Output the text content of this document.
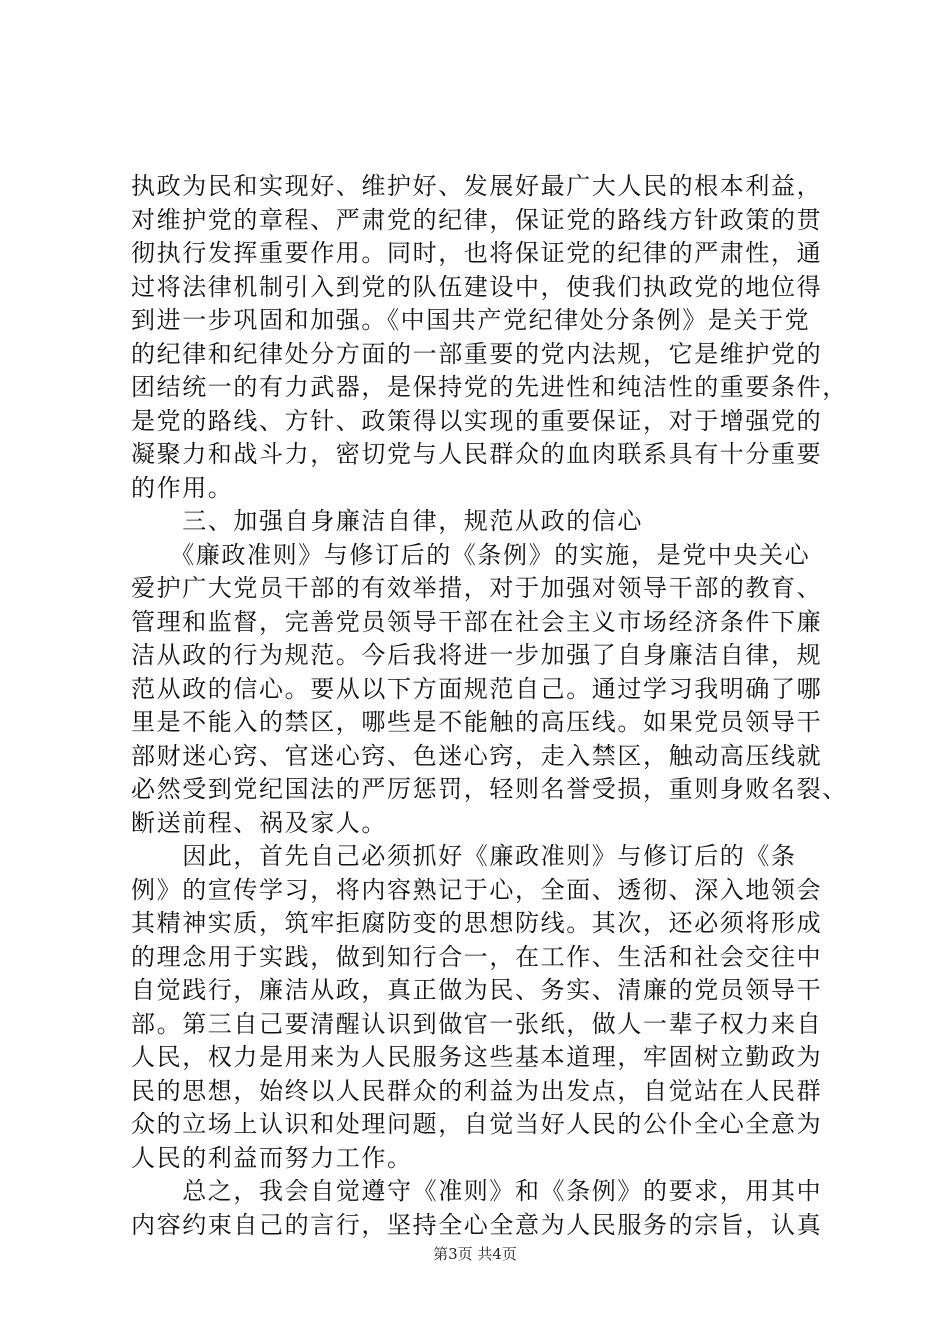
执政为民和实现好、维护好、发展好最广大人民的根本利益，
对维护党的章程、严肃党的纪律，保证党的路线方针政策的贯
彻执行发挥重要作用。同时，也将保证党的纪律的严肃性，通
过将法律机制引入到党的队伍建设中，使我们执政党的地位得
到进一步巩固和加强。《中国共产党纪律处分条例》是关于党
的纪律和纪律处分方面的一部重要的党内法规，它是维护党的
团结统一的有力武器，是保持党的先进性和纯洁性的重要条件，
是党的路线、方针、政策得以实现的重要保证，对于增强党的
凝聚力和战斗力，密切党与人民群众的血肉联系具有十分重要
的作用。
　　三、加强自身廉洁自律，规范从政的信心
　　《廉政准则》与修订后的《条例》的实施，是党中央关心
爱护广大党员干部的有效举措，对于加强对领导干部的教育、
管理和监督，完善党员领导干部在社会主义市场经济条件下廉
洁从政的行为规范。今后我将进一步加强了自身廉洁自律，规
范从政的信心。要从以下方面规范自己。通过学习我明确了哪
里是不能入的禁区，哪些是不能触的高压线。如果党员领导干
部财迷心窍、官迷心窍、色迷心窍，走入禁区，触动高压线就
必然受到党纪国法的严厉惩罚，轻则名誉受损，重则身败名裂、
断送前程、祸及家人。
　　因此，首先自己必须抓好《廉政准则》与修订后的《条
例》的宣传学习，将内容熟记于心，全面、透彻、深入地领会
其精神实质，筑牢拒腐防变的思想防线。其次，还必须将形成
的理念用于实践，做到知行合一，在工作、生活和社会交往中
自觉践行，廉洁从政，真正做为民、务实、清廉的党员领导干
部。第三自己要清醒认识到做官一张纸，做人一辈子权力来自
人民，权力是用来为人民服务这些基本道理，牢固树立勤政为
民的思想，始终以人民群众的利益为出发点，自觉站在人民群
众的立场上认识和处理问题，自觉当好人民的公仆全心全意为
人民的利益而努力工作。
　　总之，我会自觉遵守《准则》和《条例》的要求，用其中
内容约束自己的言行，坚持全心全意为人民服务的宗旨，认真
第3页 共4页
